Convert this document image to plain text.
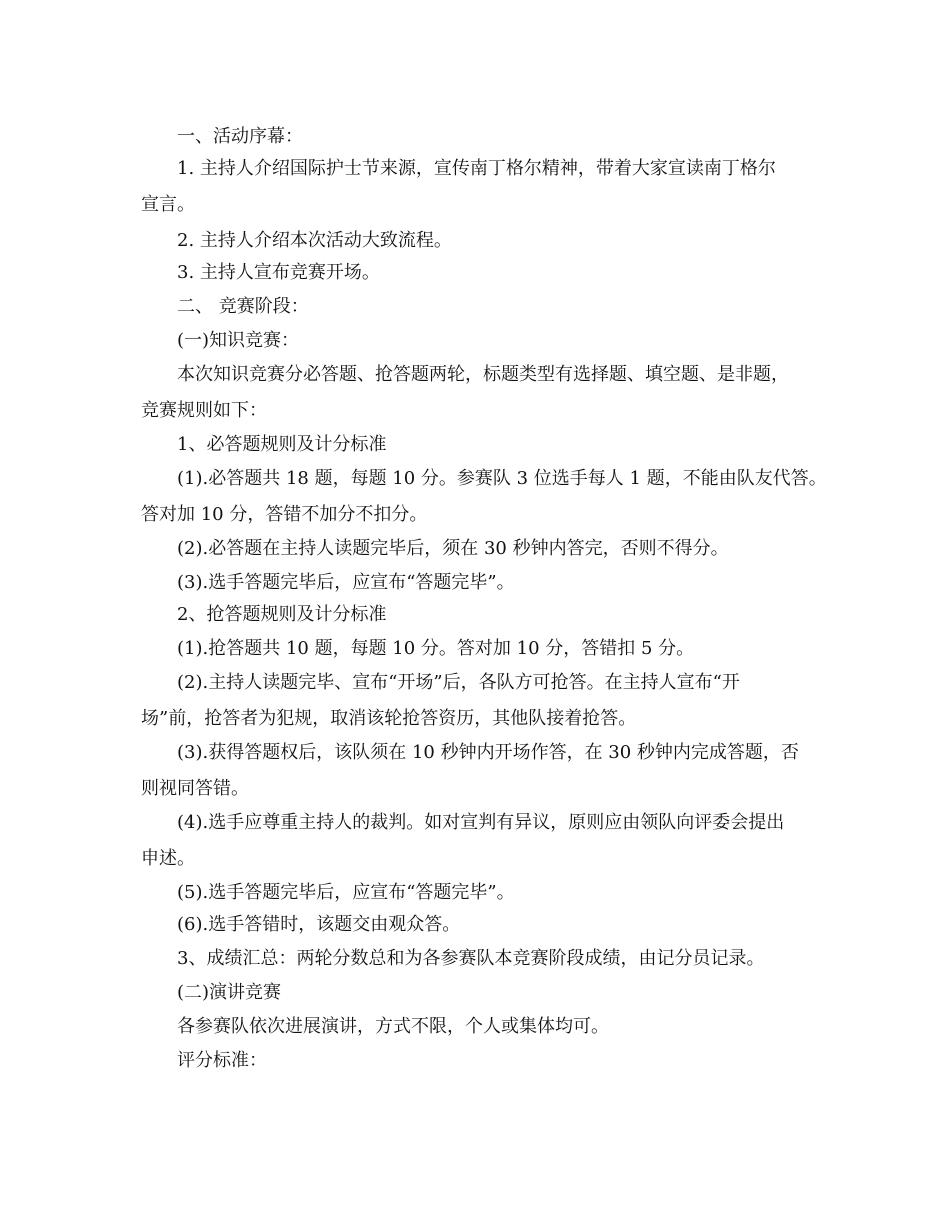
一、活动序幕：
1. 主持人介绍国际护士节来源，宣传南丁格尔精神，带着大家宣读南丁格尔
宣言。
2. 主持人介绍本次活动大致流程。
3. 主持人宣布竞赛开场。
二、 竞赛阶段：
(一)知识竞赛：
本次知识竞赛分必答题、抢答题两轮，标题类型有选择题、填空题、是非题，
竞赛规则如下：
1、必答题规则及计分标准
(1).必答题共 18 题，每题 10 分。参赛队 3 位选手每人 1 题，不能由队友代答。
答对加 10 分，答错不加分不扣分。
(2).必答题在主持人读题完毕后，须在 30 秒钟内答完，否则不得分。
(3).选手答题完毕后，应宣布“答题完毕”。
2、抢答题规则及计分标准
(1).抢答题共 10 题，每题 10 分。答对加 10 分，答错扣 5 分。
(2).主持人读题完毕、宣布“开场”后，各队方可抢答。在主持人宣布“开
场”前，抢答者为犯规，取消该轮抢答资历，其他队接着抢答。
(3).获得答题权后，该队须在 10 秒钟内开场作答，在 30 秒钟内完成答题，否
则视同答错。
(4).选手应尊重主持人的裁判。如对宣判有异议，原则应由领队向评委会提出
申述。
(5).选手答题完毕后，应宣布“答题完毕”。
(6).选手答错时，该题交由观众答。
3、成绩汇总：两轮分数总和为各参赛队本竞赛阶段成绩，由记分员记录。
(二)演讲竞赛
各参赛队依次进展演讲，方式不限，个人或集体均可。
评分标准：
